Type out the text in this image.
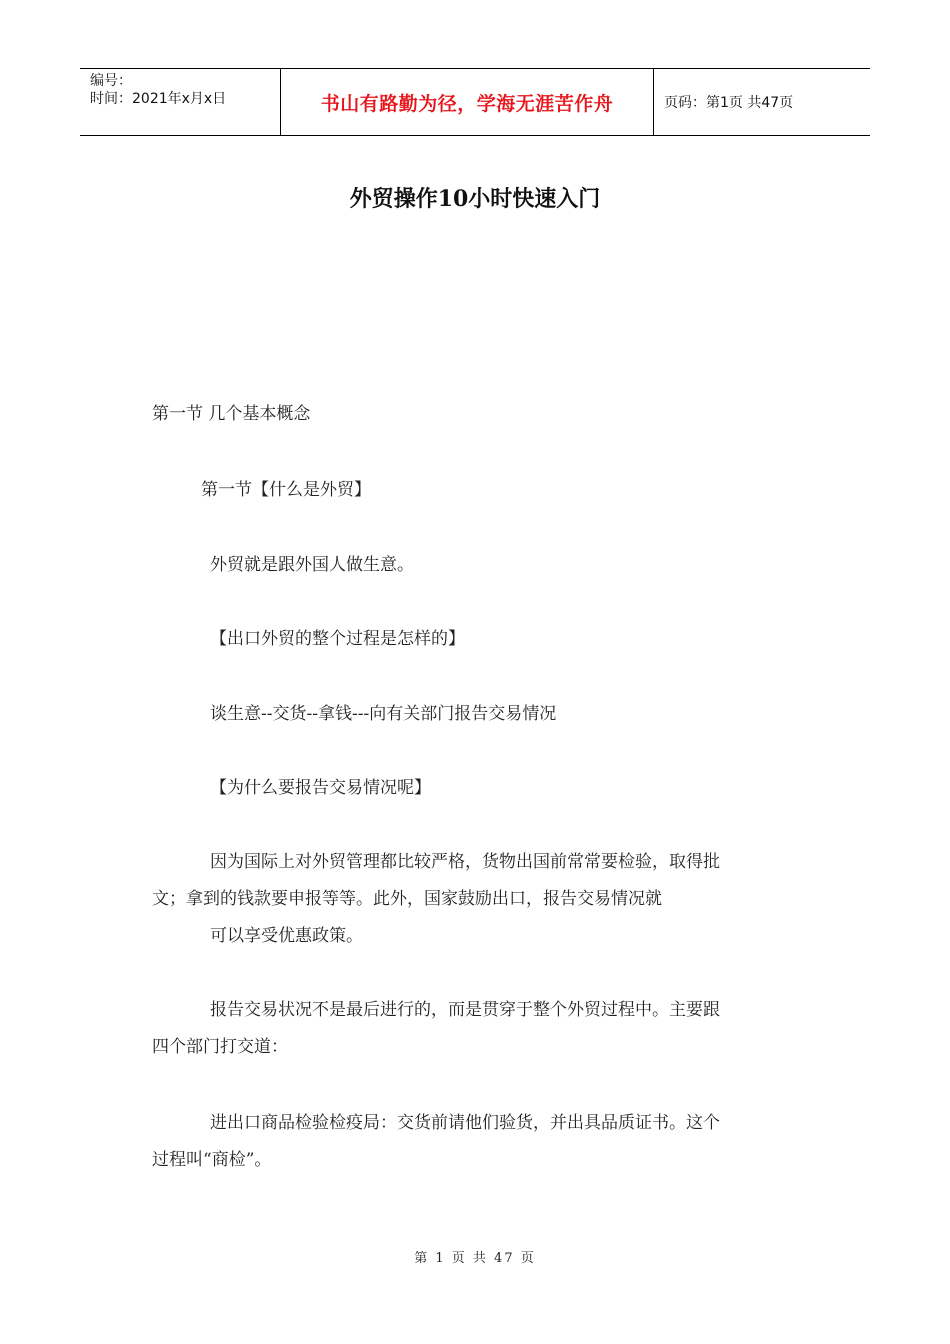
编号：
时间：2021年x月x日	书山有路勤为径，学海无涯苦作舟	页码：第1页 共47页
外贸操作10小时快速入门
第一节 几个基本概念
第一节【什么是外贸】
外贸就是跟外国人做生意。
【出口外贸的整个过程是怎样的】
谈生意--交货--拿钱---向有关部门报告交易情况
【为什么要报告交易情况呢】
因为国际上对外贸管理都比较严格，货物出国前常常要检验，取得批
文；拿到的钱款要申报等等。此外，国家鼓励出口，报告交易情况就
可以享受优惠政策。
报告交易状况不是最后进行的，而是贯穿于整个外贸过程中。主要跟
四个部门打交道：
进出口商品检验检疫局：交货前请他们验货，并出具品质证书。这个
过程叫“商检”。
第 1 页 共 47 页
